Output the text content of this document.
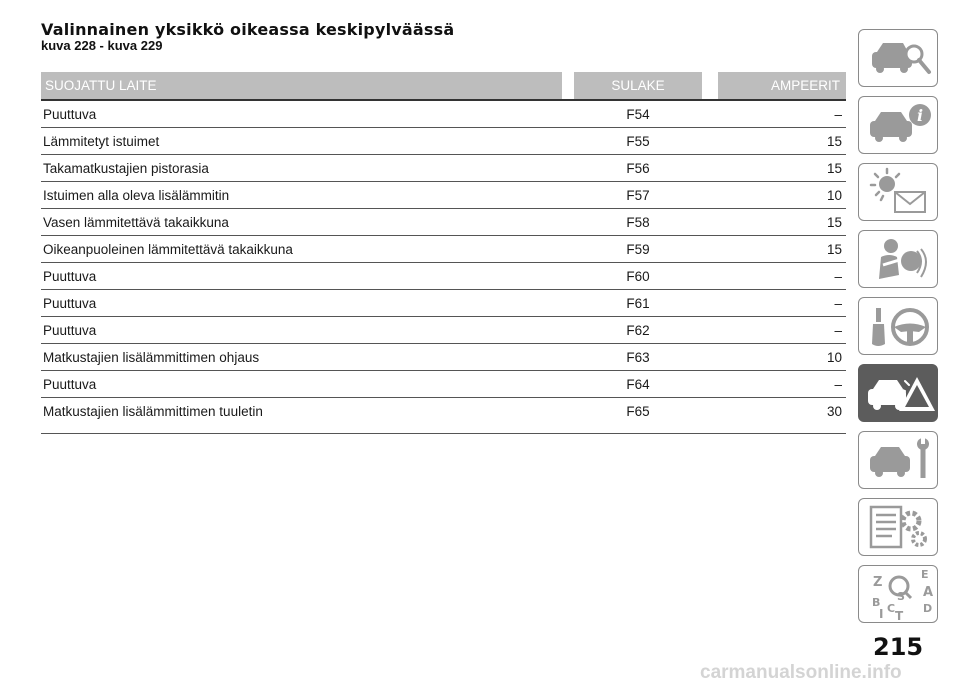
Valinnainen yksikkö oikeassa keskipylväässä
kuva 228 - kuva 229
SUOJATTU LAITE	SULAKE	AMPEERIT
Puuttuva	F54	–
Lämmitetyt istuimet	F55	15
Takamatkustajien pistorasia	F56	15
Istuimen alla oleva lisälämmitin	F57	10
Vasen lämmitettävä takaikkuna	F58	15
Oikeanpuoleinen lämmitettävä takaikkuna	F59	15
Puuttuva	F60	–
Puuttuva	F61	–
Puuttuva	F62	–
Matkustajien lisälämmittimen ohjaus	F63	10
Puuttuva	F64	–
Matkustajien lisälämmittimen tuuletin	F65	30
i
Z
E
S A
B C	D
I T
215
carmanualsonline.info
